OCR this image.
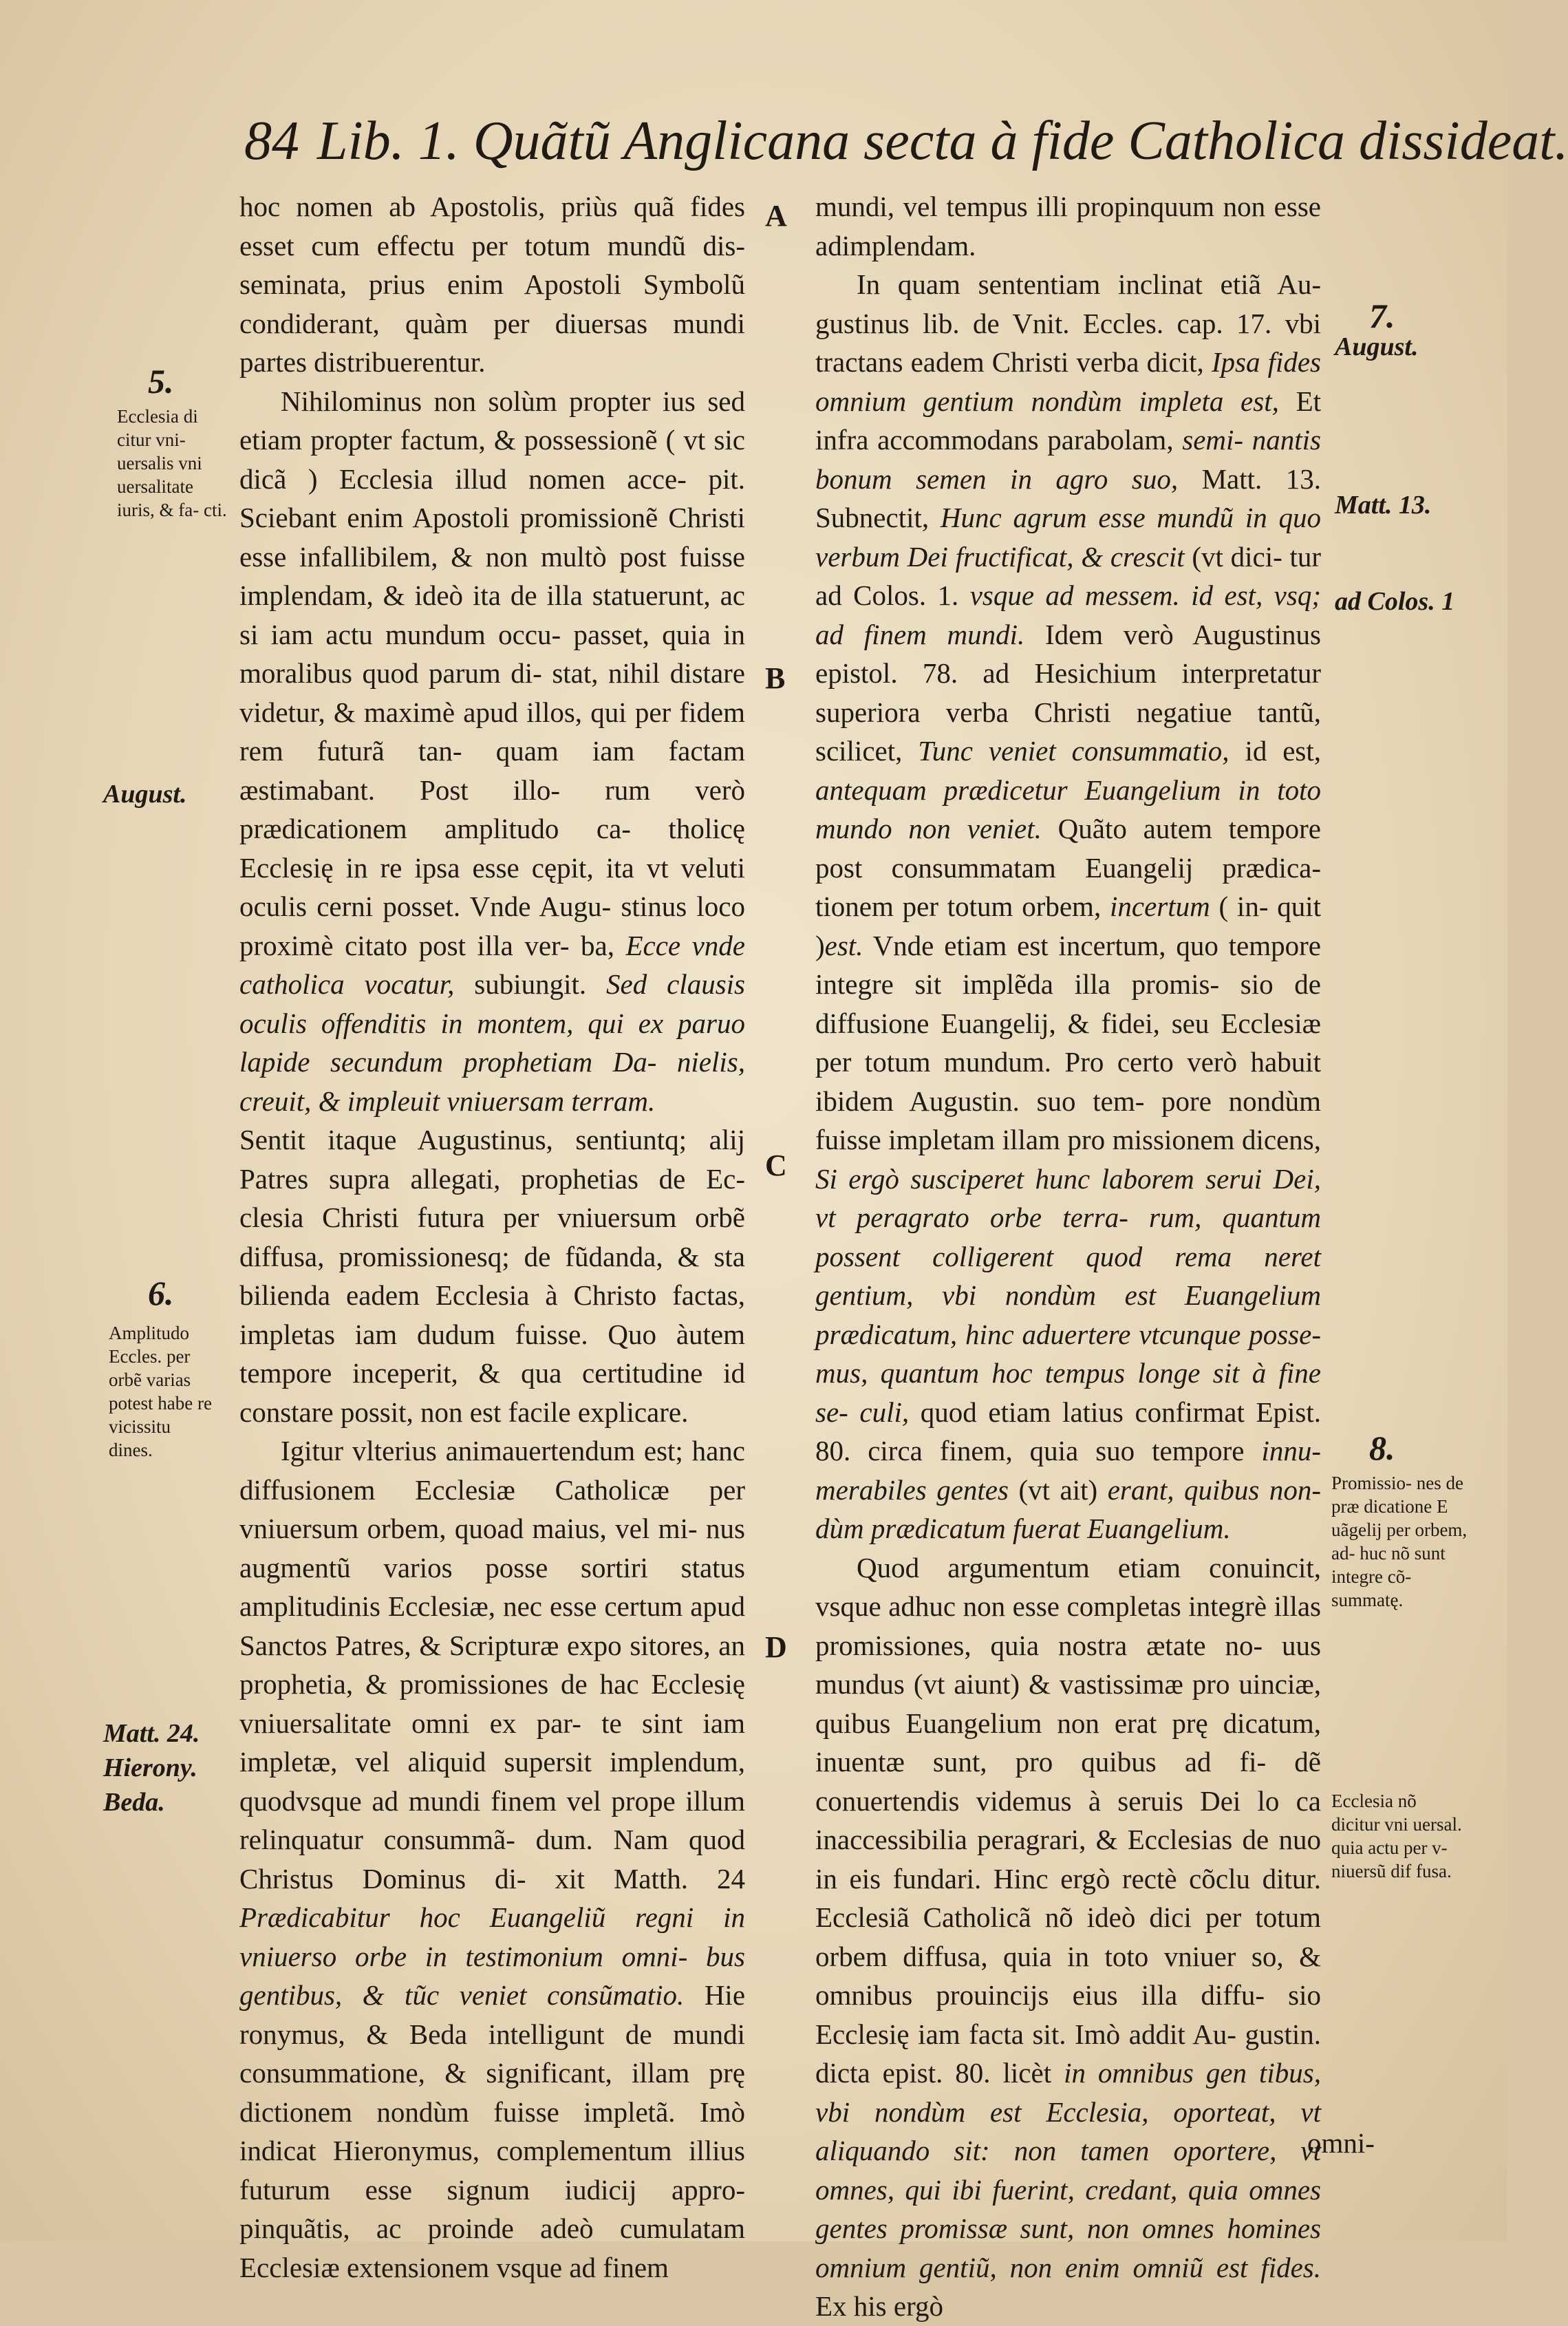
84 Lib. 1. Quãtũ Anglicana secta à fide Catholica dissideat.

hoc nomen ab Apostolis, priùs quã fides esset cum effectu per totum mundũ dis- seminata, prius enim Apostoli Symbolũ condiderant, quàm per diuersas mundi partes distribuerentur.

Nihilominus non solùm propter ius sed etiam propter factum, & possessionẽ ( vt sic dicã ) Ecclesia illud nomen acce- pit. Sciebant enim Apostoli promissionẽ Christi esse infallibilem, & non multò post fuisse implendam, & ideò ita de illa statuerunt, ac si iam actu mundum occu- passet, quia in moralibus quod parum di- stat, nihil distare videtur, & maximè apud illos, qui per fidem rem futurã tan- quam iam factam æstimabant. Post illo- rum verò prædicationem amplitudo ca- tholicę Ecclesię in re ipsa esse cępit, ita vt veluti oculis cerni posset. Vnde Augu- stinus loco proximè citato post illa ver- ba, Ecce vnde catholica vocatur, subiungit. Sed clausis oculis offenditis in montem, qui ex paruo lapide secundum prophetiam Da- nielis, creuit, & impleuit vniuersam terram.

Sentit itaque Augustinus, sentiuntq; alij Patres supra allegati, prophetias de Ec- clesia Christi futura per vniuersum orbẽ diffusa, promissionesq; de fũdanda, & sta bilienda eadem Ecclesia à Christo factas, impletas iam dudum fuisse. Quo àutem tempore inceperit, & qua certitudine id constare possit, non est facile explicare.

Igitur vlterius animauertendum est; hanc diffusionem Ecclesiæ Catholicæ per vniuersum orbem, quoad maius, vel mi- nus augmentũ varios posse sortiri status amplitudinis Ecclesiæ, nec esse certum apud Sanctos Patres, & Scripturæ expo sitores, an prophetia, & promissiones de hac Ecclesię vniuersalitate omni ex par- te sint iam impletæ, vel aliquid supersit implendum, quodvsque ad mundi finem vel prope illum relinquatur consummã- dum. Nam quod Christus Dominus di- xit Matth. 24 Prædicabitur hoc Euangeliũ regni in vniuerso orbe in testimonium omni- bus gentibus, & tũc veniet consũmatio. Hie ronymus, & Beda intelligunt de mundi consummatione, & significant, illam prę dictionem nondùm fuisse impletã. Imò indicat Hieronymus, complementum illius futurum esse signum iudicij appro- pinquãtis, ac proinde adeò cumulatam Ecclesiæ extensionem vsque ad finem

A
B
C
D

mundi, vel tempus illi propinquum non esse adimplendam.

In quam sententiam inclinat etiã Au- gustinus lib. de Vnit. Eccles. cap. 17. vbi tractans eadem Christi verba dicit, Ipsa fides omnium gentium nondùm impleta est, Et infra accommodans parabolam, semi- nantis bonum semen in agro suo, Matt. 13. Subnectit, Hunc agrum esse mundũ in quo verbum Dei fructificat, & crescit (vt dici- tur ad Colos. 1. vsque ad messem. id est, vsq; ad finem mundi. Idem verò Augustinus epistol. 78. ad Hesichium interpretatur superiora verba Christi negatiue tantũ, scilicet, Tunc veniet consummatio, id est, antequam prædicetur Euangelium in toto mundo non veniet. Quãto autem tempore post consummatam Euangelij prædica- tionem per totum orbem, incertum ( in- quit )est. Vnde etiam est incertum, quo tempore integre sit implẽda illa promis- sio de diffusione Euangelij, & fidei, seu Ecclesiæ per totum mundum. Pro certo verò habuit ibidem Augustin. suo tem- pore nondùm fuisse impletam illam pro missionem dicens, Si ergò susciperet hunc laborem serui Dei, vt peragrato orbe terra- rum, quantum possent colligerent quod rema neret gentium, vbi nondùm est Euangelium prædicatum, hinc aduertere vtcunque posse- mus, quantum hoc tempus longe sit à fine se- culi, quod etiam latius confirmat Epist. 80. circa finem, quia suo tempore innu- merabiles gentes (vt ait) erant, quibus non- dùm prædicatum fuerat Euangelium.

Quod argumentum etiam conuincit, vsque adhuc non esse completas integrè illas promissiones, quia nostra ætate no- uus mundus (vt aiunt) & vastissimæ pro uinciæ, quibus Euangelium non erat prę dicatum, inuentæ sunt, pro quibus ad fi- dẽ conuertendis videmus à seruis Dei lo ca inaccessibilia peragrari, & Ecclesias de nuo in eis fundari. Hinc ergò rectè cõclu ditur. Ecclesiã Catholicã nõ ideò dici per totum orbem diffusa, quia in toto vniuer so, & omnibus prouincijs eius illa diffu- sio Ecclesię iam facta sit. Imò addit Au- gustin. dicta epist. 80. licèt in omnibus gen tibus, vbi nondùm est Ecclesia, oporteat, vt aliquando sit: non tamen oportere, vt omnes, qui ibi fuerint, credant, quia omnes gentes promissæ sunt, non omnes homines omnium gentiũ, non enim omniũ est fides. Ex his ergò

omni-
5.
Ecclesia di citur vni- uersalis vni uersalitate iuris, & fa- cti.
August.
6.
Amplitudo Eccles. per orbẽ varias potest habe re vicissitu dines.
Matt. 24.
Hierony.
Beda.
7.
August.
Matt. 13.
ad Colos. 1
8.
Promissio- nes de præ dicatione E uãgelij per orbem, ad- huc nõ sunt integre cõ- summatę.
Ecclesia nõ dicitur vni uersal. quia actu per v- niuersũ dif fusa.
